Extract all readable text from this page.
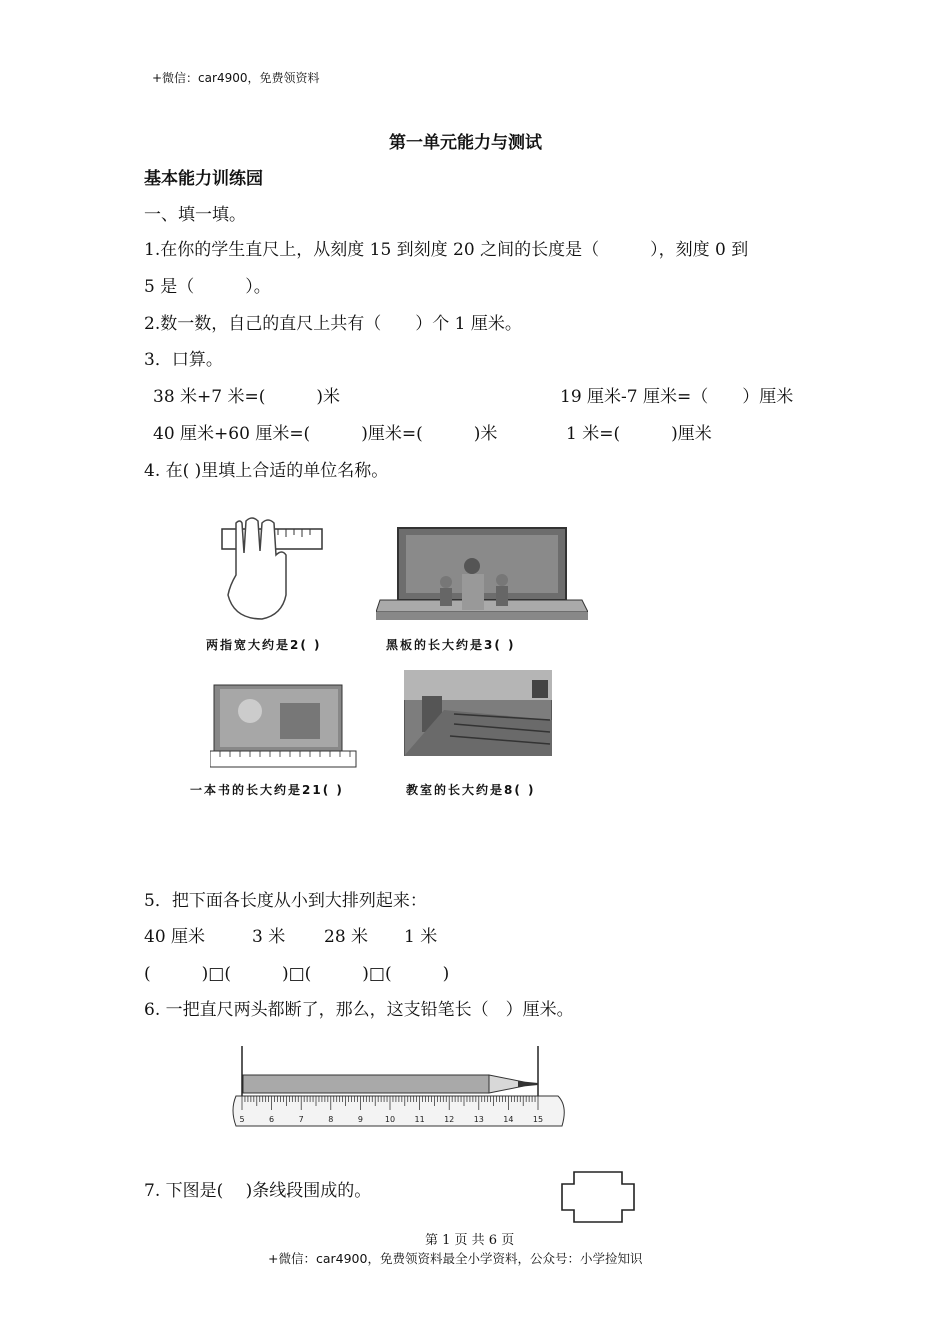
+微信：car4900，免费领资料
第一单元能力与测试
基本能力训练园
一、填一填。
1.在你的学生直尺上，从刻度 15 到刻度 20 之间的长度是（　　　），刻度 0 到
5 是（　　　）。
2.数一数，自己的直尺上共有（　　）个 1 厘米。
3．口算。
38 米+7 米=(　　　)米	19 厘米-7 厘米=（　　）厘米
40 厘米+60 厘米=(　　　)厘米=(　　　)米	1 米=(　　　)厘米
4. 在( )里填上合适的单位名称。
两指宽大约是2( )	黑板的长大约是3( )
一本书的长大约是21( )	教室的长大约是8( )
5．把下面各长度从小到大排列起来：
40 厘米	3 米 28 米 1 米
(　　　)□(　　　)□(　　　)□(　　　)
6. 一把直尺两头都断了，那么，这支铅笔长（　）厘米。
5	6	7	8	9	10 11 12 13 14 15
7. 下图是(　 )条线段围成的。
第 1 页 共 6 页
+微信：car4900，免费领资料最全小学资料，公众号：小学捡知识
